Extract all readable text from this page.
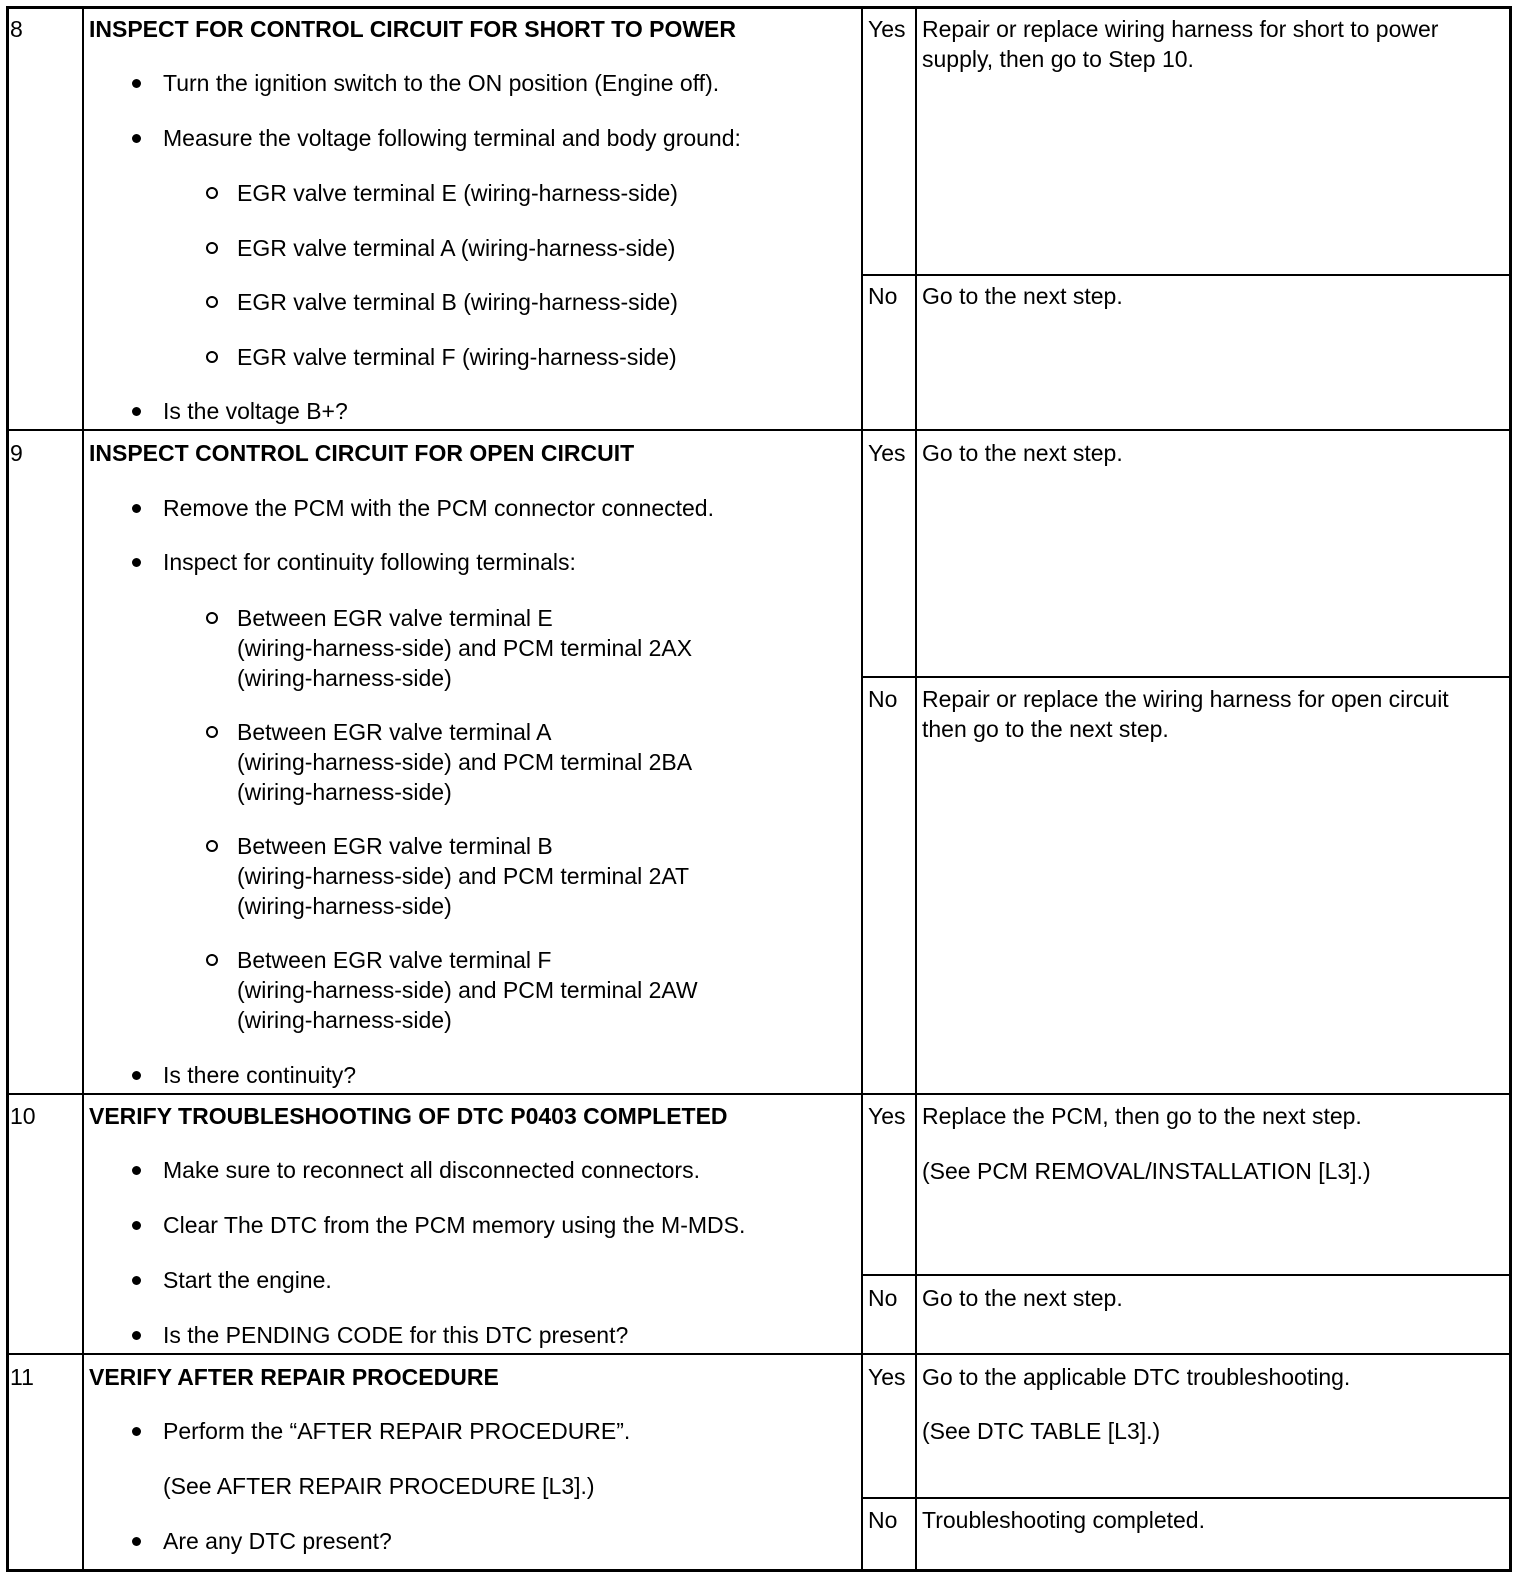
8	INSPECT FOR CONTROL CIRCUIT FOR SHORT TO POWER
Turn the ignition switch to the ON position (Engine off).
Measure the voltage following terminal and body ground:
EGR valve terminal E (wiring-harness-side)
EGR valve terminal A (wiring-harness-side)
EGR valve terminal B (wiring-harness-side)
EGR valve terminal F (wiring-harness-side)
Is the voltage B+?
Yes Repair or replace wiring harness for short to power
supply, then go to Step 10.
No Go to the next step.
9	INSPECT CONTROL CIRCUIT FOR OPEN CIRCUIT
Remove the PCM with the PCM connector connected.
Inspect for continuity following terminals:
Between EGR valve terminal E
(wiring-harness-side) and PCM terminal 2AX
(wiring-harness-side)
Between EGR valve terminal A
(wiring-harness-side) and PCM terminal 2BA
(wiring-harness-side)
Between EGR valve terminal B
(wiring-harness-side) and PCM terminal 2AT
(wiring-harness-side)
Between EGR valve terminal F
(wiring-harness-side) and PCM terminal 2AW
(wiring-harness-side)
Is there continuity?
Yes Go to the next step.
No Repair or replace the wiring harness for open circuit
then go to the next step.
10 VERIFY TROUBLESHOOTING OF DTC P0403 COMPLETED
Make sure to reconnect all disconnected connectors.
Clear The DTC from the PCM memory using the M-MDS.
Start the engine.
Is the PENDING CODE for this DTC present?
Yes Replace the PCM, then go to the next step.
(See PCM REMOVAL/INSTALLATION [L3].)
No Go to the next step.
11 VERIFY AFTER REPAIR PROCEDURE
Perform the “AFTER REPAIR PROCEDURE”.
(See AFTER REPAIR PROCEDURE [L3].)
Are any DTC present?
Yes Go to the applicable DTC troubleshooting.
(See DTC TABLE [L3].)
No Troubleshooting completed.
